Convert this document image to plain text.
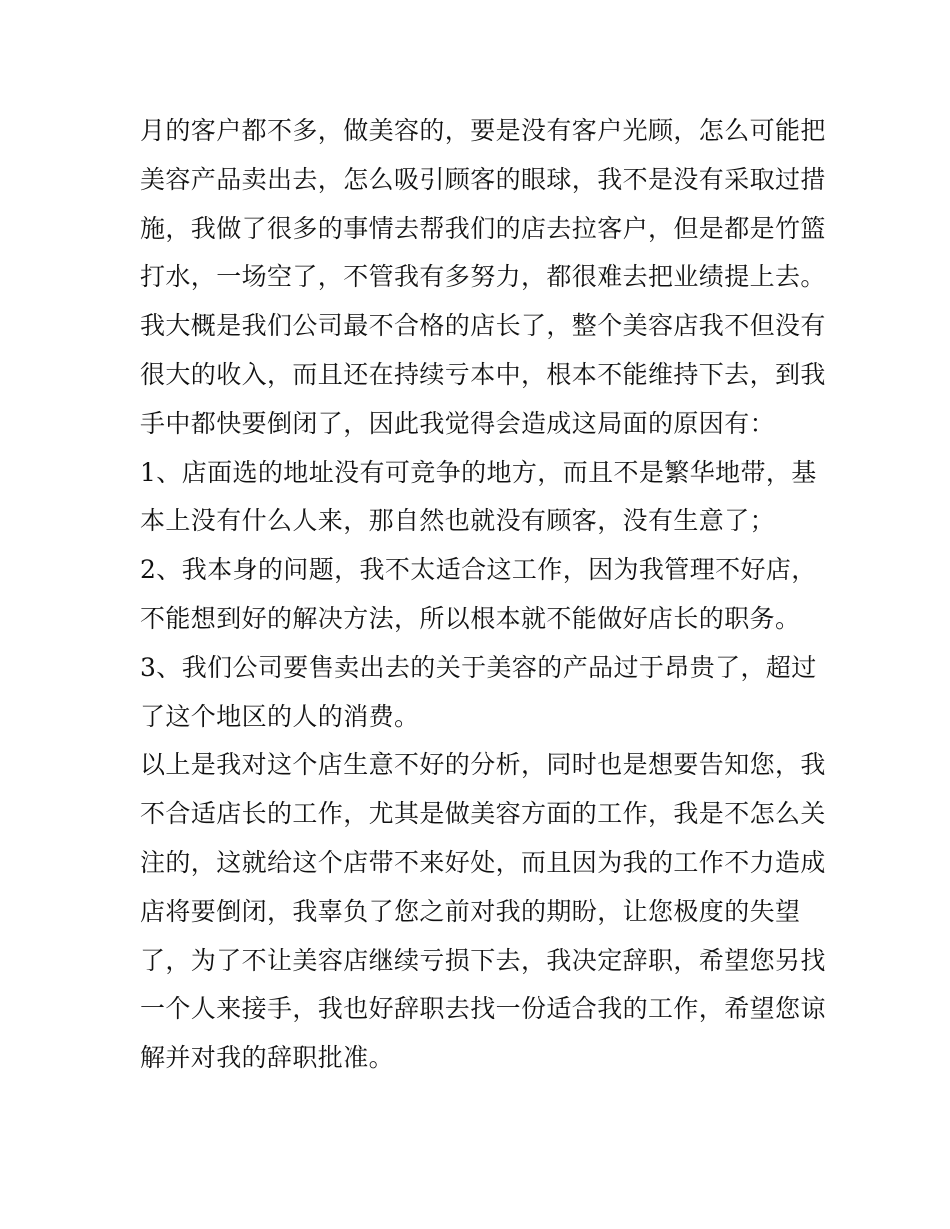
月的客户都不多，做美容的，要是没有客户光顾，怎么可能把
美容产品卖出去，怎么吸引顾客的眼球，我不是没有采取过措
施，我做了很多的事情去帮我们的店去拉客户，但是都是竹篮
打水，一场空了，不管我有多努力，都很难去把业绩提上去。
我大概是我们公司最不合格的店长了，整个美容店我不但没有
很大的收入，而且还在持续亏本中，根本不能维持下去，到我
手中都快要倒闭了，因此我觉得会造成这局面的原因有：
1、店面选的地址没有可竞争的地方，而且不是繁华地带，基
本上没有什么人来，那自然也就没有顾客，没有生意了；
2、我本身的问题，我不太适合这工作，因为我管理不好店，
不能想到好的解决方法，所以根本就不能做好店长的职务。
3、我们公司要售卖出去的关于美容的产品过于昂贵了，超过
了这个地区的人的消费。
以上是我对这个店生意不好的分析，同时也是想要告知您，我
不合适店长的工作，尤其是做美容方面的工作，我是不怎么关
注的，这就给这个店带不来好处，而且因为我的工作不力造成
店将要倒闭，我辜负了您之前对我的期盼，让您极度的失望
了，为了不让美容店继续亏损下去，我决定辞职，希望您另找
一个人来接手，我也好辞职去找一份适合我的工作，希望您谅
解并对我的辞职批准。
